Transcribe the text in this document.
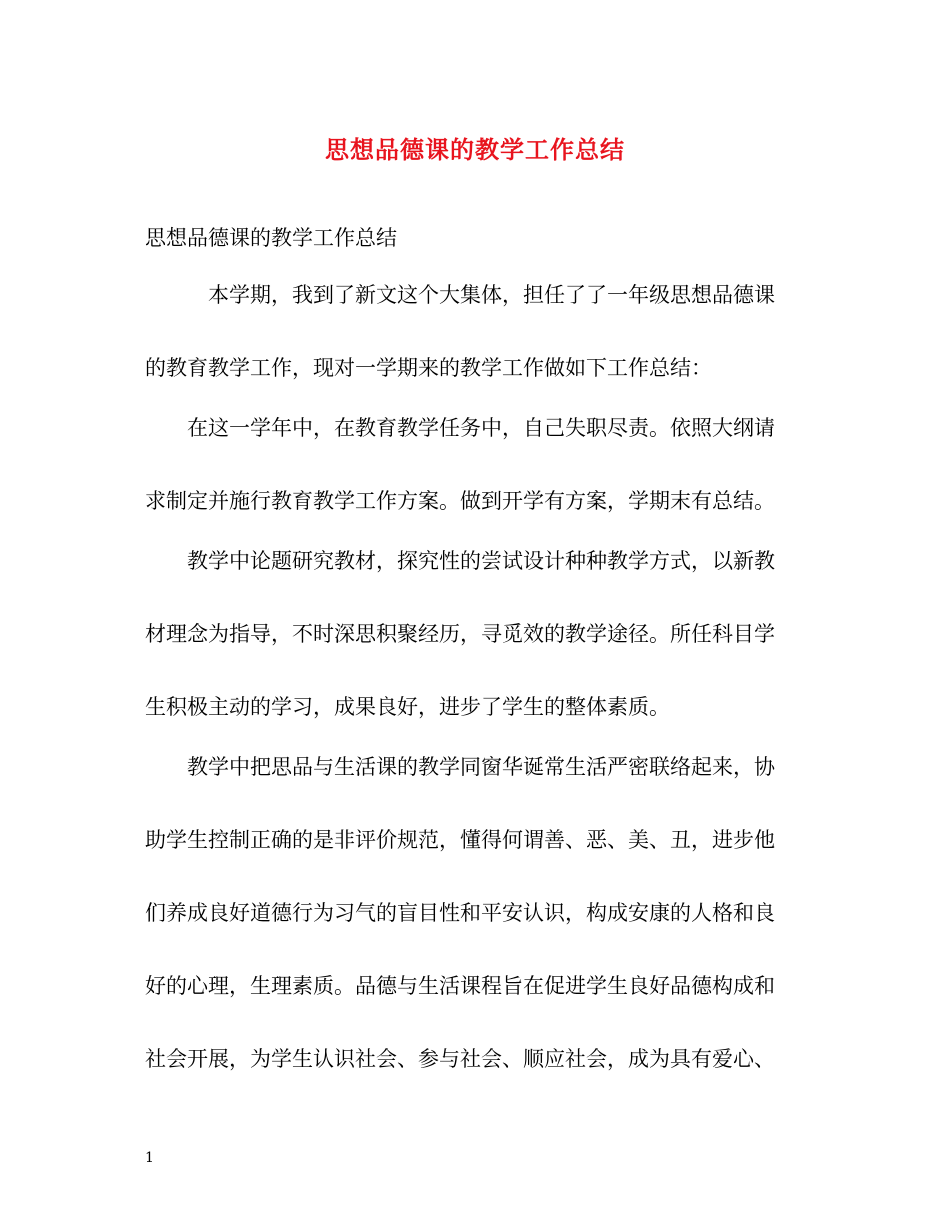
思想品德课的教学工作总结

思想品德课的教学工作总结

本学期，我到了新文这个大集体，担任了了一年级思想品德课

的教育教学工作，现对一学期来的教学工作做如下工作总结：

在这一学年中，在教育教学任务中，自己失职尽责。依照大纲请

求制定并施行教育教学工作方案。做到开学有方案，学期末有总结。

教学中论题研究教材，探究性的尝试设计种种教学方式，以新教

材理念为指导，不时深思积聚经历，寻觅效的教学途径。所任科目学

生积极主动的学习，成果良好，进步了学生的整体素质。

教学中把思品与生活课的教学同窗华诞常生活严密联络起来，协

助学生控制正确的是非评价规范，懂得何谓善、恶、美、丑，进步他

们养成良好道德行为习气的盲目性和平安认识，构成安康的人格和良

好的心理，生理素质。品德与生活课程旨在促进学生良好品德构成和

社会开展，为学生认识社会、参与社会、顺应社会，成为具有爱心、

1
